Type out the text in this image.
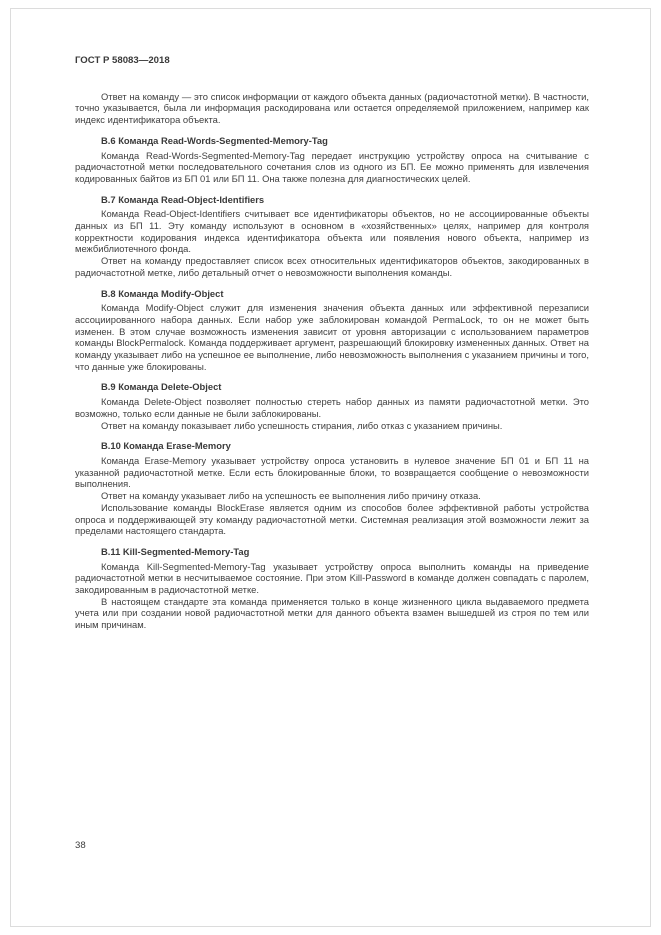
ГОСТ Р 58083—2018

Ответ на команду — это список информации от каждого объекта данных (радиочастотной метки). В частности, точно указывается, была ли информация раскодирована или остается определяемой приложением, например как индекс идентификатора объекта.

В.6 Команда Read-Words-Segmented-Memory-Tag

Команда Read-Words-Segmented-Memory-Tag передает инструкцию устройству опроса на считывание с радиочастотной метки последовательного сочетания слов из одного из БП. Ее можно применять для извлечения кодированных байтов из БП 01 или БП 11. Она также полезна для диагностических целей.

В.7 Команда Read-Object-Identifiers

Команда Read-Object-Identifiers считывает все идентификаторы объектов, но не ассоциированные объекты данных из БП 11. Эту команду используют в основном в «хозяйственных» целях, например для контроля корректности кодирования индекса идентификатора объекта или появления нового объекта, например из межбиблиотечного фонда.

Ответ на команду предоставляет список всех относительных идентификаторов объектов, закодированных в радиочастотной метке, либо детальный отчет о невозможности выполнения команды.

В.8 Команда Modify-Object

Команда Modify-Object служит для изменения значения объекта данных или эффективной перезаписи ассоциированного набора данных. Если набор уже заблокирован командой PermaLock, то он не может быть изменен. В этом случае возможность изменения зависит от уровня авторизации с использованием параметров команды BlockPermalock. Команда поддерживает аргумент, разрешающий блокировку измененных данных. Ответ на команду указывает либо на успешное ее выполнение, либо невозможность выполнения с указанием причины и того, что данные уже блокированы.

В.9 Команда Delete-Object

Команда Delete-Object позволяет полностью стереть набор данных из памяти радиочастотной метки. Это возможно, только если данные не были заблокированы.

Ответ на команду показывает либо успешность стирания, либо отказ с указанием причины.

В.10 Команда Erase-Memory

Команда Erase-Memory указывает устройству опроса установить в нулевое значение БП 01 и БП 11 на указанной радиочастотной метке. Если есть блокированные блоки, то возвращается сообщение о невозможности выполнения.

Ответ на команду указывает либо на успешность ее выполнения либо причину отказа.

Использование команды BlockErase является одним из способов более эффективной работы устройства опроса и поддерживающей эту команду радиочастотной метки. Системная реализация этой возможности лежит за пределами настоящего стандарта.

В.11 Kill-Segmented-Memory-Tag

Команда Kill-Segmented-Memory-Tag указывает устройству опроса выполнить команды на приведение радиочастотной метки в несчитываемое состояние. При этом Kill-Password в команде должен совпадать с паролем, закодированным в радиочастотной метке.

В настоящем стандарте эта команда применяется только в конце жизненного цикла выдаваемого предмета учета или при создании новой радиочастотной метки для данного объекта взамен вышедшей из строя по тем или иным причинам.

38
